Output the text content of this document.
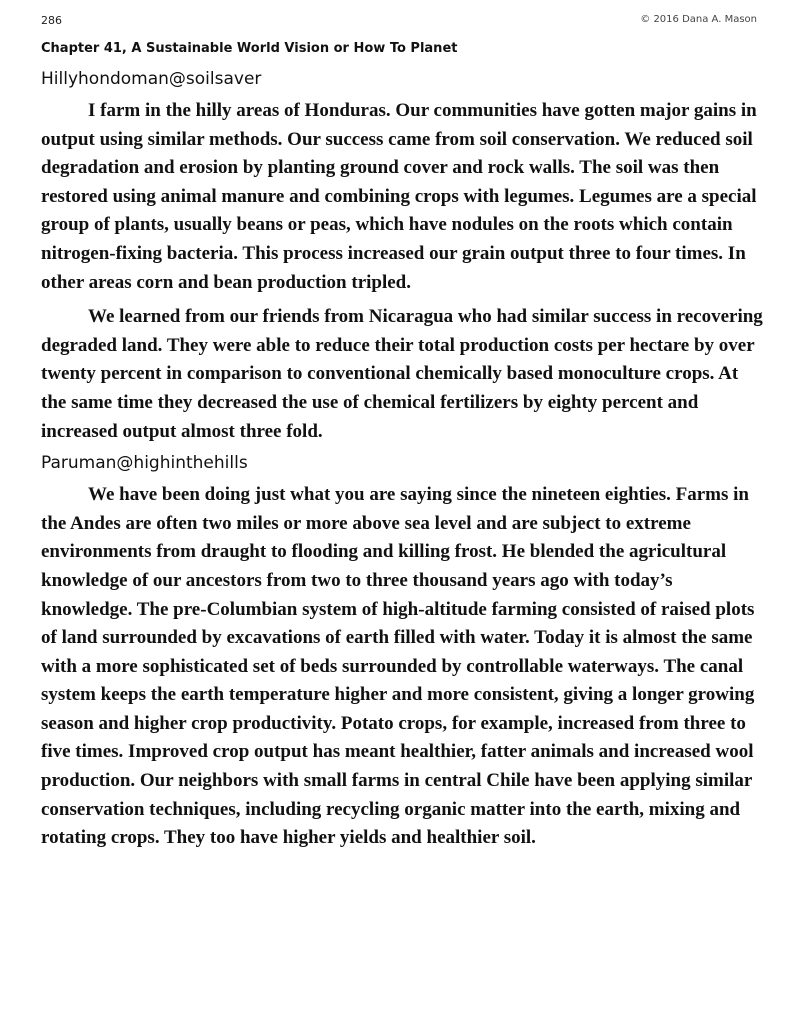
286	© 2016 Dana A. Mason
Chapter 41, A Sustainable World Vision or How To Planet
Hillyhondoman@soilsaver

I farm in the hilly areas of Honduras. Our communities have gotten major gains in output using similar methods. Our success came from soil conservation. We reduced soil degradation and erosion by planting ground cover and rock walls. The soil was then restored using animal manure and combining crops with legumes. Legumes are a special group of plants, usually beans or peas, which have nodules on the roots which contain nitrogen-fixing bacteria. This process increased our grain output three to four times. In other areas corn and bean production tripled.

We learned from our friends from Nicaragua who had similar success in recovering degraded land. They were able to reduce their total production costs per hectare by over twenty percent in comparison to conventional chemically based monoculture crops. At the same time they decreased the use of chemical fertilizers by eighty percent and increased output almost three fold.

Paruman@highinthehills

We have been doing just what you are saying since the nineteen eighties. Farms in the Andes are often two miles or more above sea level and are subject to extreme environments from draught to flooding and killing frost. He blended the agricultural knowledge of our ancestors from two to three thousand years ago with today’s knowledge. The pre-Columbian system of high-altitude farming consisted of raised plots of land surrounded by excavations of earth filled with water. Today it is almost the same with a more sophisticated set of beds surrounded by controllable waterways. The canal system keeps the earth temperature higher and more consistent, giving a longer growing season and higher crop productivity. Potato crops, for example, increased from three to five times. Improved crop output has meant healthier, fatter animals and increased wool production. Our neighbors with small farms in central Chile have been applying similar conservation techniques, including recycling organic matter into the earth, mixing and rotating crops. They too have higher yields and healthier soil.
